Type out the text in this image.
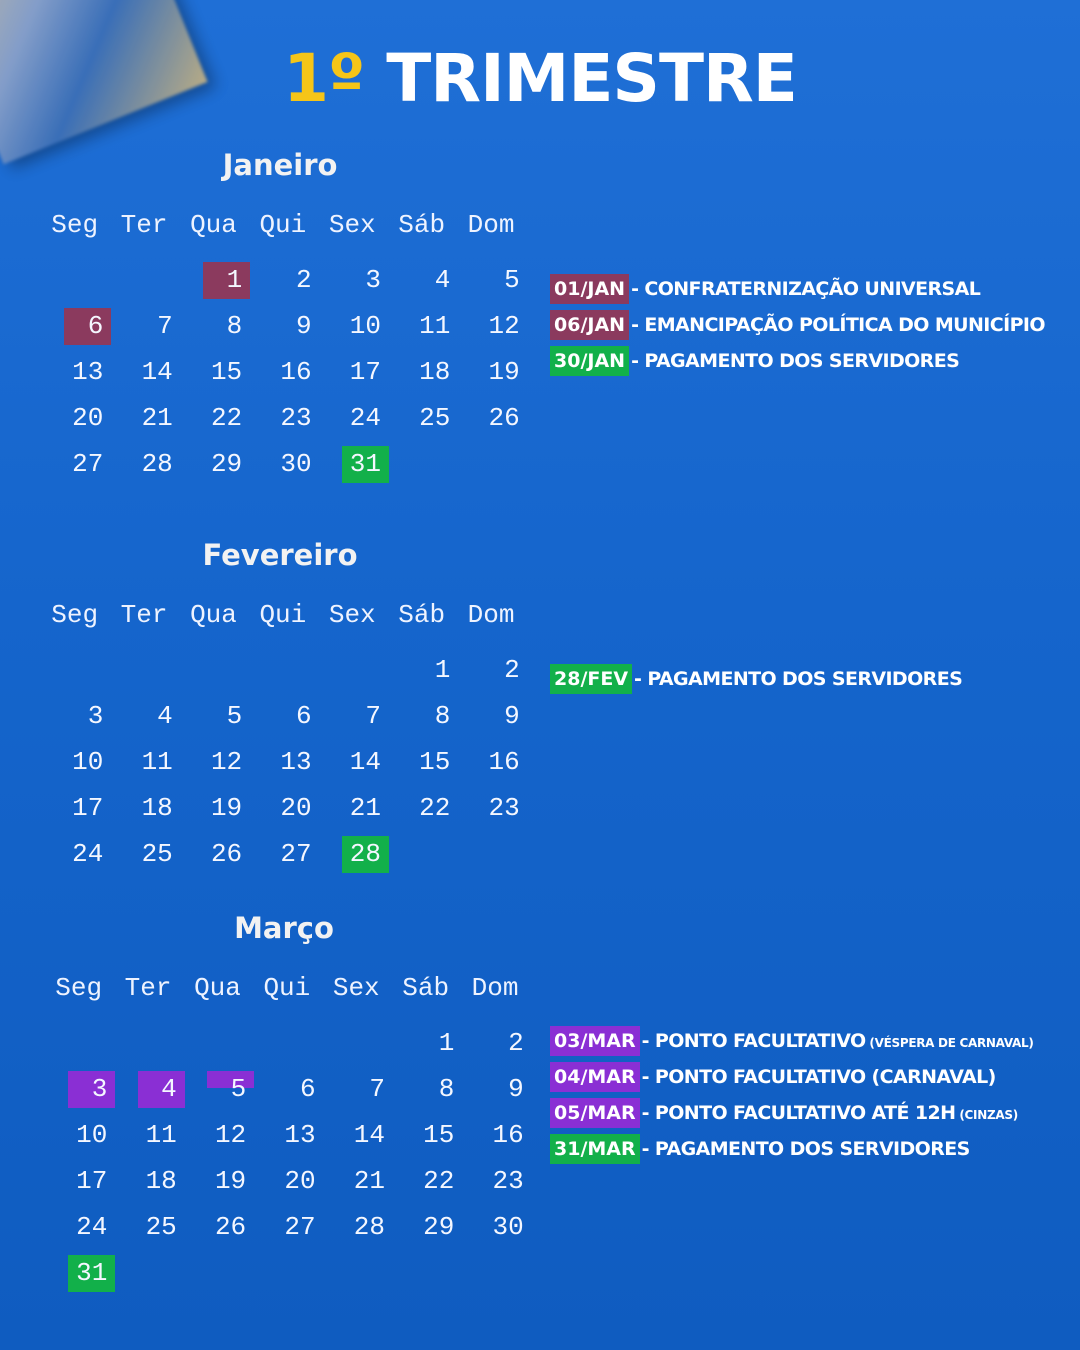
1º TRIMESTRE
Janeiro
Seg Ter Qua Qui Sex Sáb Dom
1 2 3 4 5
6 7 8 9 10 11 12
13 14 15 16 17 18 19
20 21 22 23 24 25 26
27 28 29 30 31
01/JAN - CONFRATERNIZAÇÃO UNIVERSAL
06/JAN - EMANCIPAÇÃO POLÍTICA DO MUNICÍPIO
30/JAN - PAGAMENTO DOS SERVIDORES
Fevereiro
Seg Ter Qua Qui Sex Sáb Dom
1 2
3 4 5 6 7 8 9
10 11 12 13 14 15 16
17 18 19 20 21 22 23
24 25 26 27 28
28/FEV - PAGAMENTO DOS SERVIDORES
Março
Seg Ter Qua Qui Sex Sáb Dom
1 2
3 4 5 6 7 8 9
10 11 12 13 14 15 16
17 18 19 20 21 22 23
24 25 26 27 28 29 30
31
03/MAR - PONTO FACULTATIVO (VÉSPERA DE CARNAVAL)
04/MAR - PONTO FACULTATIVO (CARNAVAL)
05/MAR - PONTO FACULTATIVO ATÉ 12H (CINZAS)
31/MAR - PAGAMENTO DOS SERVIDORES
